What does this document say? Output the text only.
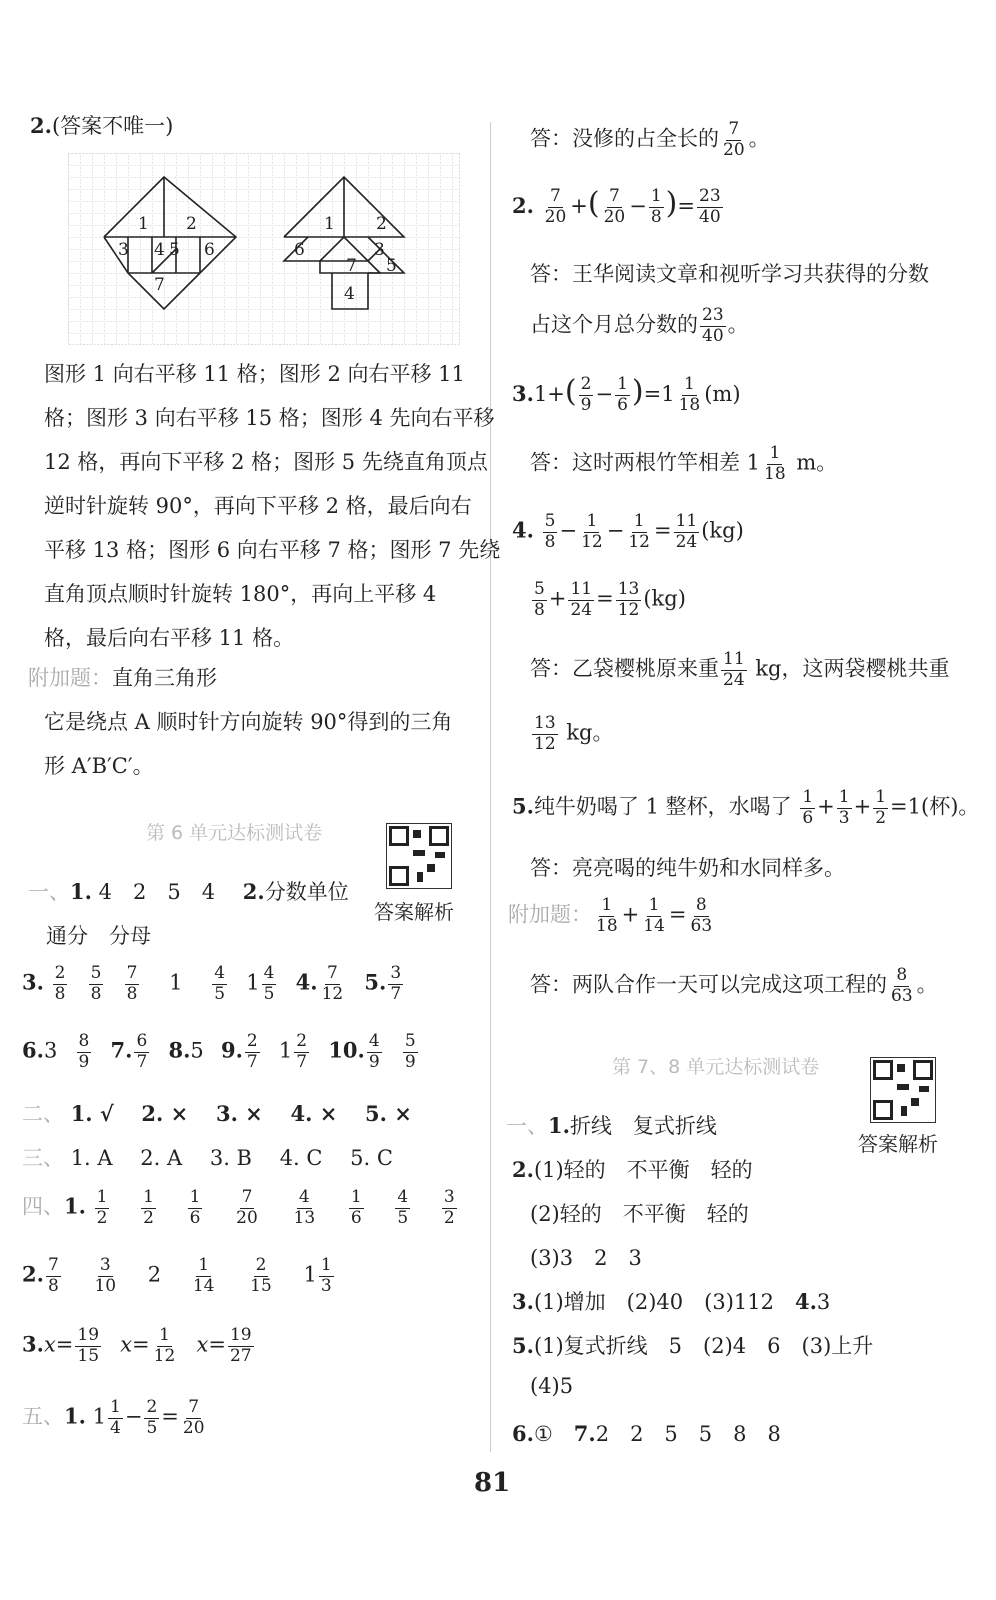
2.(答案不唯一)
1 2
3 4 5 6
7
1 2
6	3
7 5
4
图形 1 向右平移 11 格；图形 2 向右平移 11
格；图形 3 向右平移 15 格；图形 4 先向右平移
12 格，再向下平移 2 格；图形 5 先绕直角顶点
逆时针旋转 90°，再向下平移 2 格，最后向右
平移 13 格；图形 6 向右平移 7 格；图形 7 先绕
直角顶点顺时针旋转 180°，再向上平移 4
格，最后向右平移 11 格。
附加题：直角三角形
它是绕点 A 顺时针方向旋转 90°得到的三角
形 A′B′C′。
第 6 单元达标测试卷
答案解析
一、1. 4　2　5　4　 2.分数单位
通分　分母
3. $\frac{2}{8}$
  $\frac{5}{8}$
  $\frac{7}{8}$
  1  $\frac{4}{5}$
  $1 \frac{4}{5}$
  4. $\frac{7}{12}$
  5. $\frac{3}{7}$
6.3  $\frac{8}{9}$
  7. $\frac{6}{7}$
  8.5  9. $\frac{2}{7}$
  $1 \frac{2}{7}$
  10. $\frac{4}{9}$
  $\frac{5}{9}$
二、 1. √  2. ×  3. ×  4. ×  5. ×
三、 1. A  2. A  3. B  4. C  5. C
四、1. $\frac{1}{2}$
  $\frac{1}{2}$
  $\frac{1}{6}$
  $\frac{7}{20}$
  $\frac{4}{13}$
  $\frac{1}{6}$
  $\frac{4}{5}$
  $\frac{3}{2}$
2. $\frac{7}{8}$
  $\frac{3}{10}$
  2  $\frac{1}{14}$
  $\frac{2}{15}$
  $1 \frac{1}{3}$
$3.x= \frac{19}{15}$
  $x= \frac{1}{12}$
  $x= \frac{19}{27}$
五、1. $1 \frac{1}{4} - \frac{2}{5} = \frac{7}{20}$
答：没修的占全长的 $\frac{7}{20}$ 。
2. $\frac{7}{20}$ +( $\frac{7}{20} - \frac{1}{8}$ )= $\frac{23}{40}$
答：王华阅读文章和视听学习共获得的分数
占这个月总分数的 $\frac{23}{40}$ 。
$3.1+( \frac{2}{9} - \frac{1}{6} )=1 \frac{1}{18} (m)$
答：这时两根竹竿相差 $1 \frac{1}{18}$ m。
4. $\frac{5}{8} - \frac{1}{12} - \frac{1}{12} = \frac{11}{24} (kg)$
$\frac{5}{8} + \frac{11}{24} = \frac{13}{12} (kg)$
答：乙袋樱桃原来重 $\frac{11}{24}$ kg，这两袋樱桃共重
$\frac{13}{12}$ kg。
5.纯牛奶喝了 1 整杯，水喝了 $\frac{1}{6} + \frac{1}{3} + \frac{1}{2} =1$(杯)。
答：亮亮喝的纯牛奶和水同样多。
附加题： $\frac{1}{18} + \frac{1}{14} = \frac{8}{63}$
答：两队合作一天可以完成这项工程的 $\frac{8}{63}$ 。
第 7、8 单元达标测试卷
答案解析
一、1.折线　复式折线
2.(1)轻的　不平衡　轻的
(2)轻的　不平衡　轻的
(3)3　2　3
3.(1)增加　(2)40　(3)112  4.3
5.(1)复式折线　5　(2)4　6　(3)上升
(4)5
6.①  7.2　2　5　5　8　8
81
